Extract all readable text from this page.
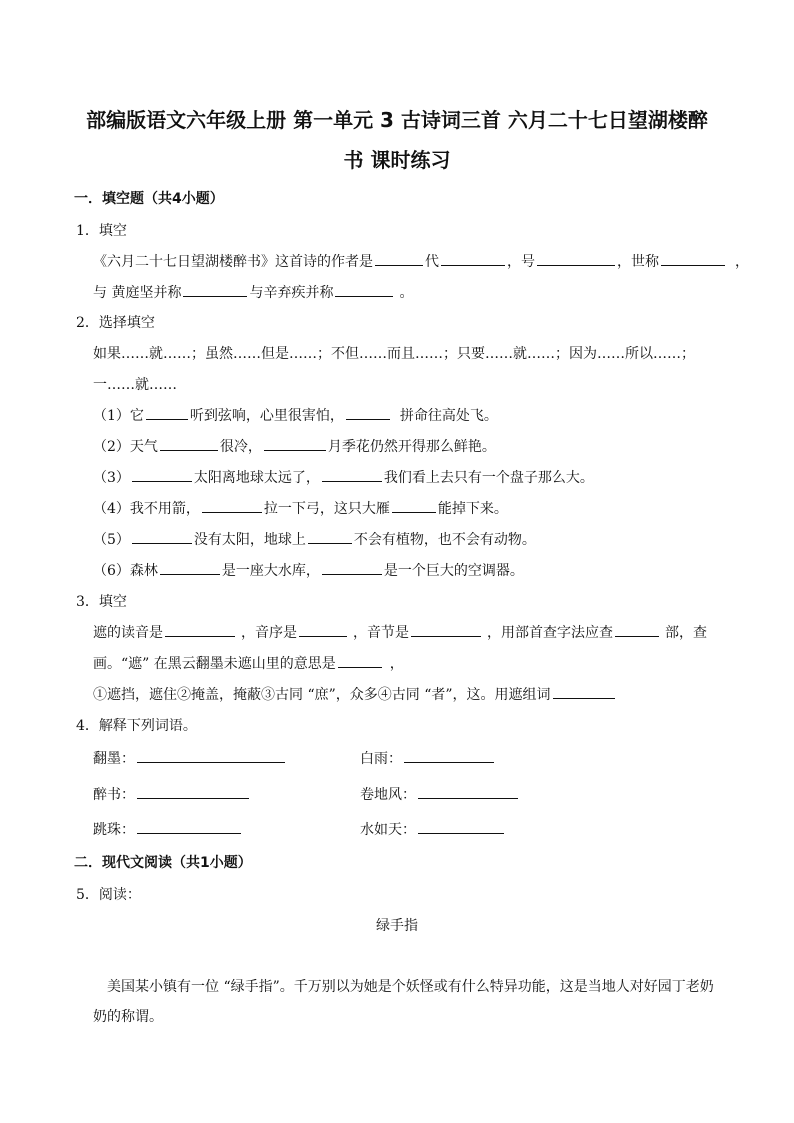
部编版语文六年级上册 第一单元 3 古诗词三首 六月二十七日望湖楼醉
书 课时练习
一．填空题（共4小题）
1．填空
《六月二十七日望湖楼醉书》这首诗的作者是	代	，号	，世称	，
与 黄庭坚并称	与辛弃疾并称	。
2．选择填空
如果……就……；虽然……但是……；不但……而且……；只要……就……；因为……所以……；
一……就……
（1）它	听到弦响，心里很害怕，	拼命往高处飞。
（2）天气	很冷，	月季花仍然开得那么鲜艳。
（3）	太阳离地球太远了，	我们看上去只有一个盘子那么大。
（4）我不用箭，	拉一下弓，这只大雁	能掉下来。
（5）	没有太阳，地球上	不会有植物，也不会有动物。
（6）森林	是一座大水库，	是一个巨大的空调器。
3．填空
遮的读音是	，音序是	，音节是	，用部首查字法应查	部，查
画。“遮” 在黑云翻墨未遮山里的意思是	，
①遮挡，遮住②掩盖，掩蔽③古同 “庶”，众多④古同 “者”，这。用遮组词
4．解释下列词语。
翻墨：	白雨：
醉书：	卷地风：
跳珠：	水如天：
二．现代文阅读（共1小题）
5．阅读：
绿手指
美国某小镇有一位 “绿手指”。千万别以为她是个妖怪或有什么特异功能，这是当地人对好园丁老奶奶的称谓。
